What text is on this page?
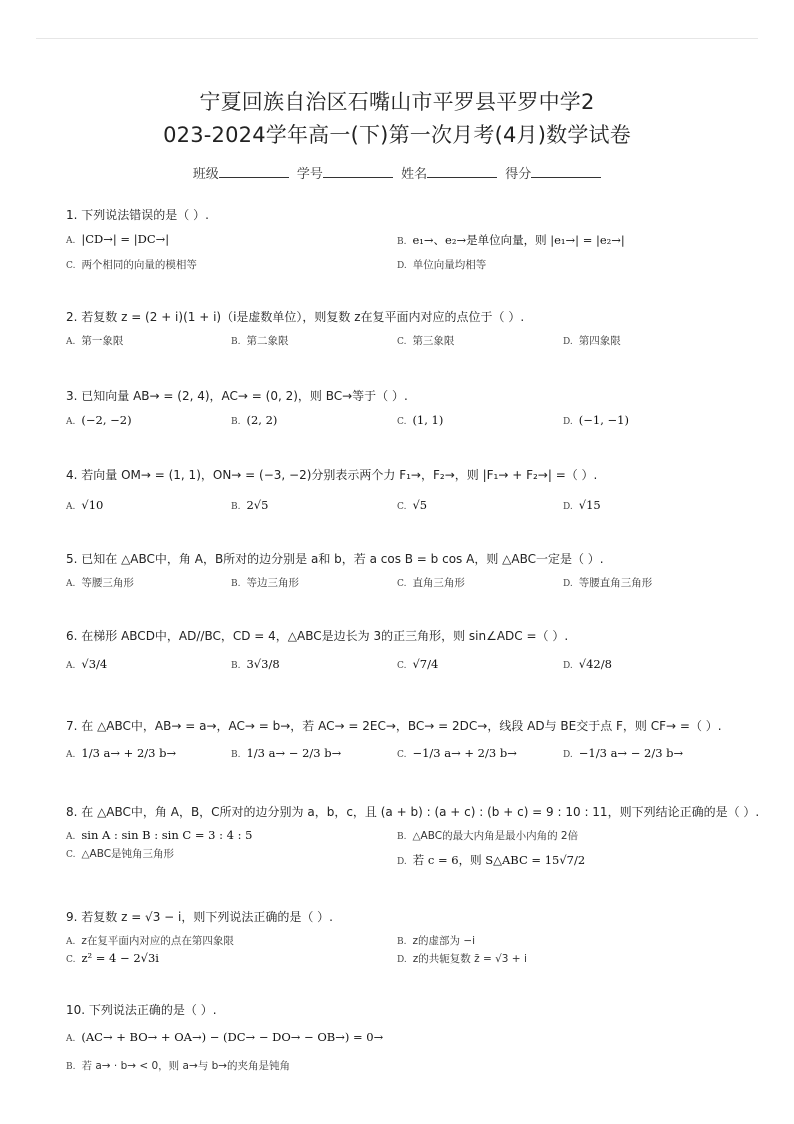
宁夏回族自治区石嘴山市平罗县平罗中学2
023-2024学年高一(下)第一次月考(4月)数学试卷
班级	学号	姓名	得分
1. 下列说法错误的是（ ）.
A. |CD→| = |DC→|	B. e₁→、e₂→是单位向量，则 |e₁→| = |e₂→|
C. 两个相同的向量的模相等	D. 单位向量均相等
2. 若复数 z = (2 + i)(1 + i)（i是虚数单位），则复数 z在复平面内对应的点位于（ ）.
A. 第一象限	B. 第二象限	C. 第三象限	D. 第四象限
3. 已知向量 AB→ = (2, 4)，AC→ = (0, 2)，则 BC→等于（ ）.
A. (−2, −2)	B. (2, 2)	C. (1, 1)	D. (−1, −1)
4. 若向量 OM→ = (1, 1)，ON→ = (−3, −2)分别表示两个力 F₁→，F₂→，则 |F₁→ + F₂→| =（ ）.
A. √10	B. 2√5	C. √5	D. √15
5. 已知在 △ABC中，角 A，B所对的边分别是 a和 b，若 a cos B = b cos A，则 △ABC一定是（ ）.
A. 等腰三角形	B. 等边三角形	C. 直角三角形	D. 等腰直角三角形
6. 在梯形 ABCD中，AD//BC，CD = 4，△ABC是边长为 3的正三角形，则 sin∠ADC =（ ）.
A. √3/4	B. 3√3/8	C. √7/4	D. √42/8
7. 在 △ABC中，AB→ = a→，AC→ = b→，若 AC→ = 2EC→，BC→ = 2DC→，线段 AD与 BE交于点 F，则 CF→ =（ ）.
A. 1/3 a→ + 2/3 b→	B. 1/3 a→ − 2/3 b→	C. −1/3 a→ + 2/3 b→	D. −1/3 a→ − 2/3 b→
8. 在 △ABC中，角 A，B，C所对的边分别为 a，b，c，且 (a + b) : (a + c) : (b + c) = 9 : 10 : 11，则下列结论正确的是（ ）.
A. sin A : sin B : sin C = 3 : 4 : 5	B. △ABC的最大内角是最小内角的 2倍
C. △ABC是钝角三角形
D. 若 c = 6，则 S△ABC = 15√7/2
9. 若复数 z = √3 − i，则下列说法正确的是（ ）.
A. z在复平面内对应的点在第四象限	B. z的虚部为 −i
C. z² = 4 − 2√3i	D. z的共轭复数 z̄ = √3 + i
10. 下列说法正确的是（ ）.
A. (AC→ + BO→ + OA→) − (DC→ − DO→ − OB→) = 0→
B. 若 a→ · b→ < 0，则 a→与 b→的夹角是钝角
